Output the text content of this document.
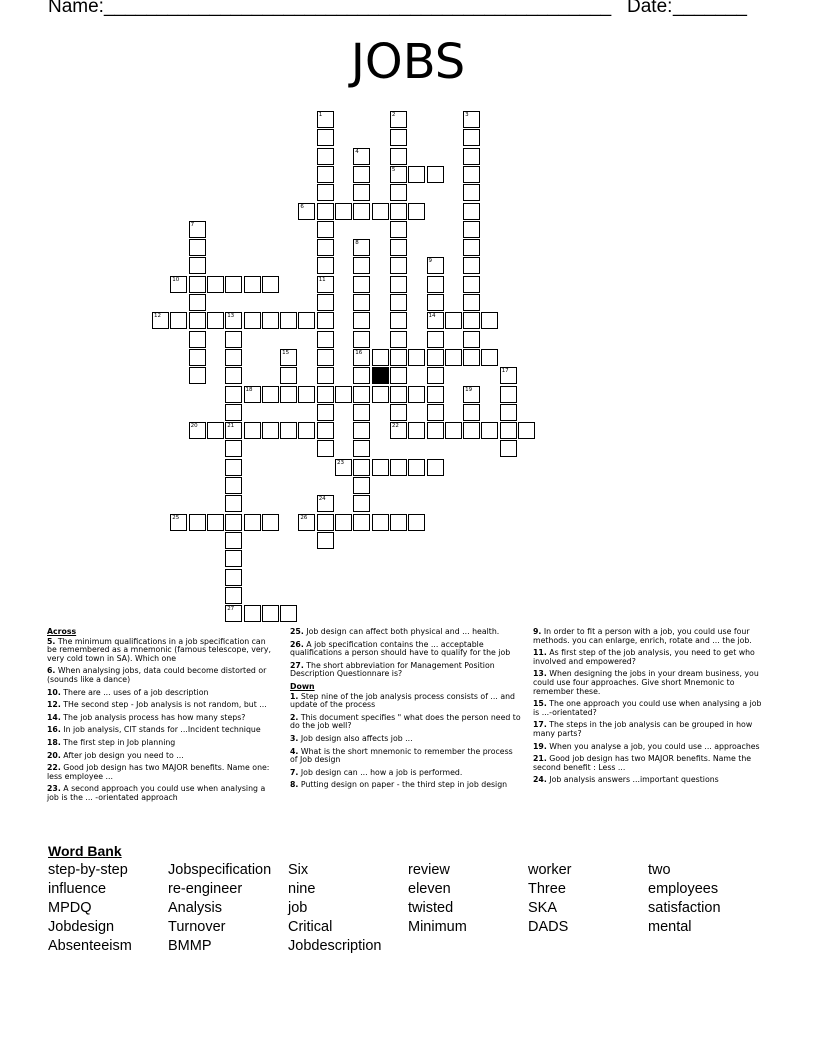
Name: ________________________________________________ Date: _______
JOBS
10
12	13	14
16
18
5
6
20	21	22
23
25	26
27
1
11
2	3
4
7
8
9
15
17
19
24
Across
5. The minimum qualifications in a job specification can be remembered as a mnemonic (famous telescope, very, very cold town in SA). Which one
6. When analysing jobs, data could become distorted or (sounds like a dance)
10. There are ... uses of a job description
12. THe second step - Job analysis is not random, but ...
14. The job analysis process has how many steps?
16. In job analysis, CIT stands for ...Incident technique
18. The first step in Job planning
20. After job design you need to ...
22. Good job design has two MAJOR benefits. Name one: less employee ...
23. A second approach you could use when analysing a job is the ... -orientated approach
25. Job design can affect both physical and ... health.
26. A job specification contains the ... acceptable qualifications a person should have to qualify for the job
27. The short abbreviation for Management Position Description Questionnare is?
Down
1. Step nine of the job analysis process consists of ... and update of the process
2. This document specifies " what does the person need to do the job well?
3. Job design also affects job ...
4. What is the short mnemonic to remember the process of Job design
7. Job design can ... how a job is performed.
8. Putting design on paper - the third step in job design
9. In order to fit a person with a job, you could use four methods. you can enlarge, enrich, rotate and ... the job.
11. As first step of the job analysis, you need to get who involved and empowered?
13. When designing the jobs in your dream business, you could use four approaches. Give short Mnemonic to remember these.
15. The one approach you could use when analysing a job is ...-orientated?
17. The steps in the job analysis can be grouped in how many parts?
19. When you analyse a job, you could use ... approaches
21. Good job design has two MAJOR benefits. Name the second benefit : Less ...
24. Job analysis answers ...important questions
Word Bank
step-by-step	Jobspecification	Six	review	worker	two
influence	re-engineer	nine	eleven	Three	employees
MPDQ	Analysis	job	twisted	SKA	satisfaction
Jobdesign	Turnover	Critical	Minimum	DADS	mental
Absenteeism	BMMP	Jobdescription
